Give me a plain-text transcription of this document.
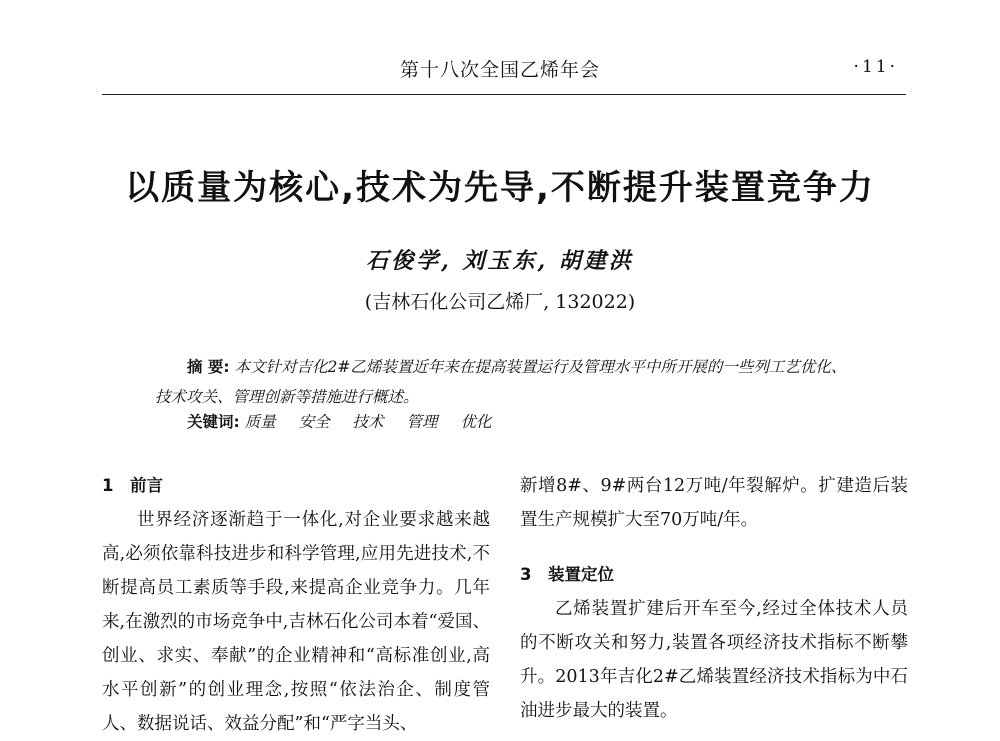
第十八次全国乙烯年会	·11·
以质量为核心,技术为先导,不断提升装置竞争力
石俊学, 刘玉东, 胡建洪
(吉林石化公司乙烯厂, 132022)
摘 要: 本文针对吉化2#乙烯装置近年来在提高装置运行及管理水平中所开展的一些列工艺优化、技术攻关、管理创新等措施进行概述。
关键词: 质量 安全 技术 管理 优化
1 前言
世界经济逐渐趋于一体化,对企业要求越来越高,必须依靠科技进步和科学管理,应用先进技术,不断提高员工素质等手段,来提高企业竞争力。几年来,在激烈的市场竞争中,吉林石化公司本着“爱国、创业、求实、奉献”的企业精神和“高标准创业,高水平创新”的创业理念,按照“依法治企、制度管人、数据说话、效益分配”和“严字当头、
新增8#、9#两台12万吨/年裂解炉。扩建造后装置生产规模扩大至70万吨/年。
3 装置定位
乙烯装置扩建后开车至今,经过全体技术人员的不断攻关和努力,装置各项经济技术指标不断攀升。2013年吉化2#乙烯装置经济技术指标为中石油进步最大的装置。
